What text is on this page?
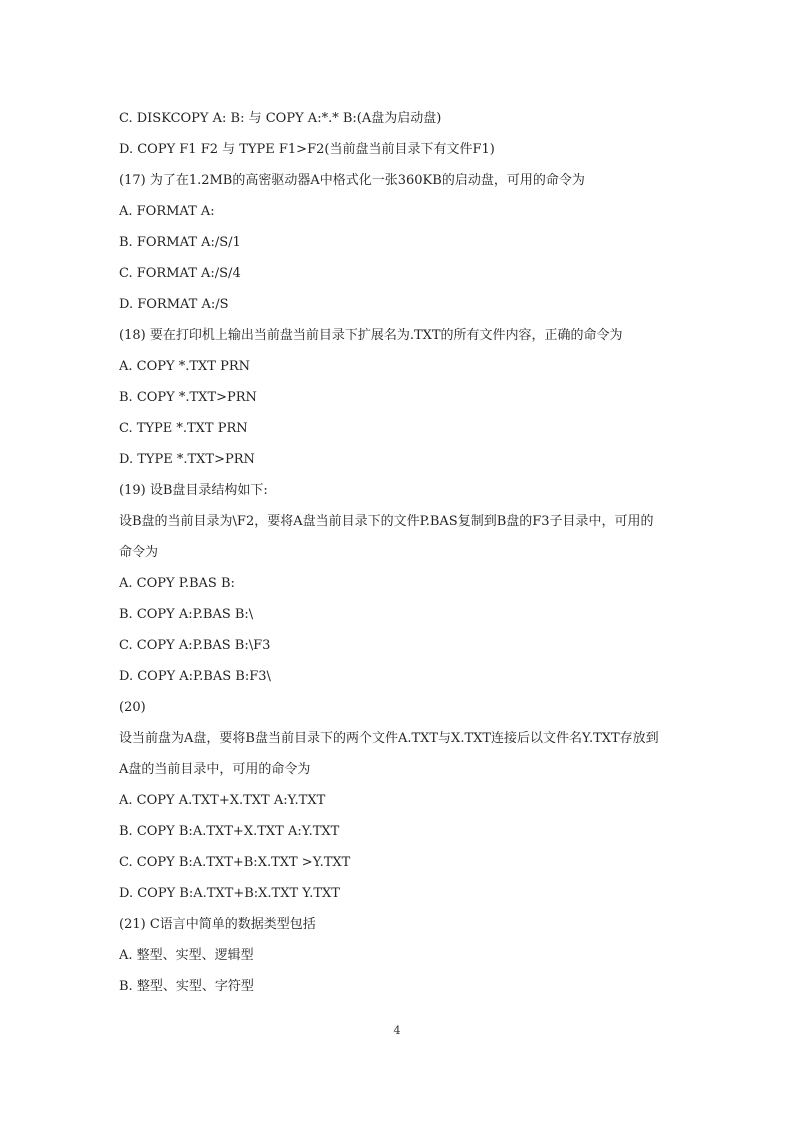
C. DISKCOPY A: B: 与 COPY A:*.* B:(A盘为启动盘)
D. COPY F1 F2 与 TYPE F1>F2(当前盘当前目录下有文件F1)
(17) 为了在1.2MB的高密驱动器A中格式化一张360KB的启动盘，可用的命令为
A. FORMAT A:
B. FORMAT A:/S/1
C. FORMAT A:/S/4
D. FORMAT A:/S
(18) 要在打印机上输出当前盘当前目录下扩展名为.TXT的所有文件内容，正确的命令为
A. COPY *.TXT PRN
B. COPY *.TXT>PRN
C. TYPE *.TXT PRN
D. TYPE *.TXT>PRN
(19) 设B盘目录结构如下:
设B盘的当前目录为\F2，要将A盘当前目录下的文件P.BAS复制到B盘的F3子目录中，可用的
命令为
A. COPY P.BAS B:
B. COPY A:P.BAS B:\
C. COPY A:P.BAS B:\F3
D. COPY A:P.BAS B:F3\
(20)
设当前盘为A盘，要将B盘当前目录下的两个文件A.TXT与X.TXT连接后以文件名Y.TXT存放到
A盘的当前目录中，可用的命令为
A. COPY A.TXT+X.TXT A:Y.TXT
B. COPY B:A.TXT+X.TXT A:Y.TXT
C. COPY B:A.TXT+B:X.TXT >Y.TXT
D. COPY B:A.TXT+B:X.TXT Y.TXT
(21) C语言中简单的数据类型包括
A. 整型、实型、逻辑型
B. 整型、实型、字符型
4
